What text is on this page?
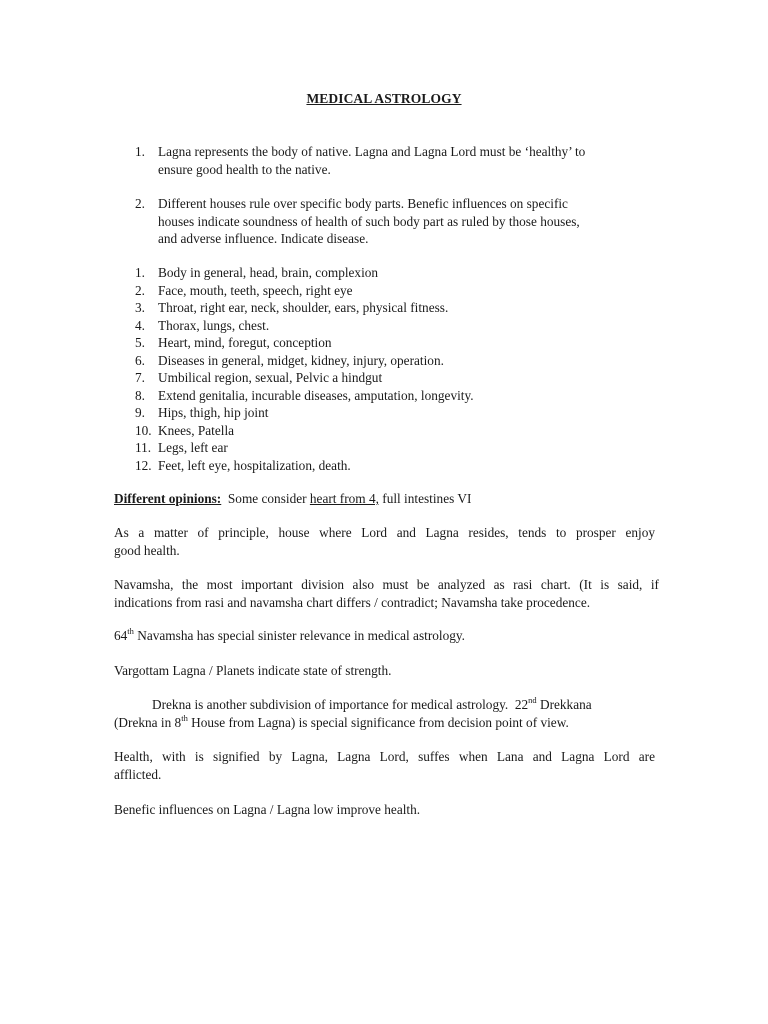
MEDICAL ASTROLOGY
1. Lagna represents the body of native. Lagna and Lagna Lord must be ‘healthy’ to
ensure good health to the native.
2. Different houses rule over specific body parts. Benefic influences on specific
houses indicate soundness of health of such body part as ruled by those houses,
and adverse influence. Indicate disease.
1. Body in general, head, brain, complexion
2. Face, mouth, teeth, speech, right eye
3. Throat, right ear, neck, shoulder, ears, physical fitness.
4. Thorax, lungs, chest.
5. Heart, mind, foregut, conception
6. Diseases in general, midget, kidney, injury, operation.
7. Umbilical region, sexual, Pelvic a hindgut
8. Extend genitalia, incurable diseases, amputation, longevity.
9. Hips, thigh, hip joint
10. Knees, Patella
11. Legs, left ear
12. Feet, left eye, hospitalization, death.
Different opinions:  Some consider heart from 4, full intestines VI
As a matter of principle, house where Lord and Lagna resides, tends to prosper enjoy
good health.
Navamsha, the most important division also must be analyzed as rasi chart. (It is said, if
indications from rasi and navamsha chart differs / contradict; Navamsha take procedence.
64th Navamsha has special sinister relevance in medical astrology.
Vargottam Lagna / Planets indicate state of strength.
Drekna is another subdivision of importance for medical astrology.  22nd Drekkana
(Drekna in 8th House from Lagna) is special significance from decision point of view.
Health, with is signified by Lagna, Lagna Lord, suffes when Lana and Lagna Lord are
afflicted.
Benefic influences on Lagna / Lagna low improve health.
